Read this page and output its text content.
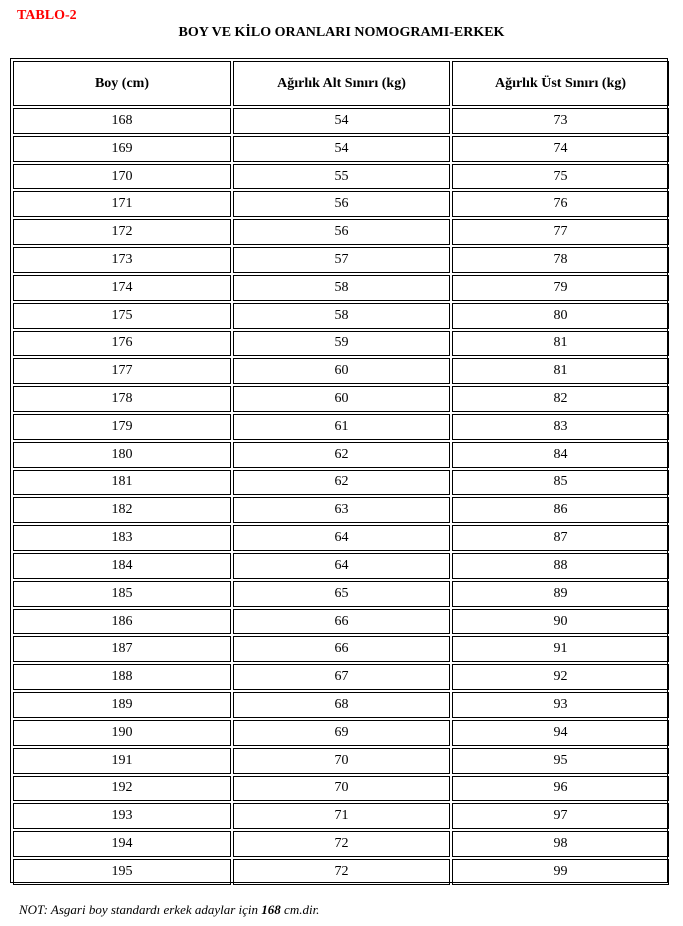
TABLO-2
BOY VE KİLO ORANLARI NOMOGRAMI-ERKEK
Boy (cm)	Ağırlık Alt Sınırı (kg)	Ağırlık Üst Sınırı (kg)
168	54	73
169	54	74
170	55	75
171	56	76
172	56	77
173	57	78
174	58	79
175	58	80
176	59	81
177	60	81
178	60	82
179	61	83
180	62	84
181	62	85
182	63	86
183	64	87
184	64	88
185	65	89
186	66	90
187	66	91
188	67	92
189	68	93
190	69	94
191	70	95
192	70	96
193	71	97
194	72	98
195	72	99
NOT: Asgari boy standardı erkek adaylar için 168 cm.dir.
